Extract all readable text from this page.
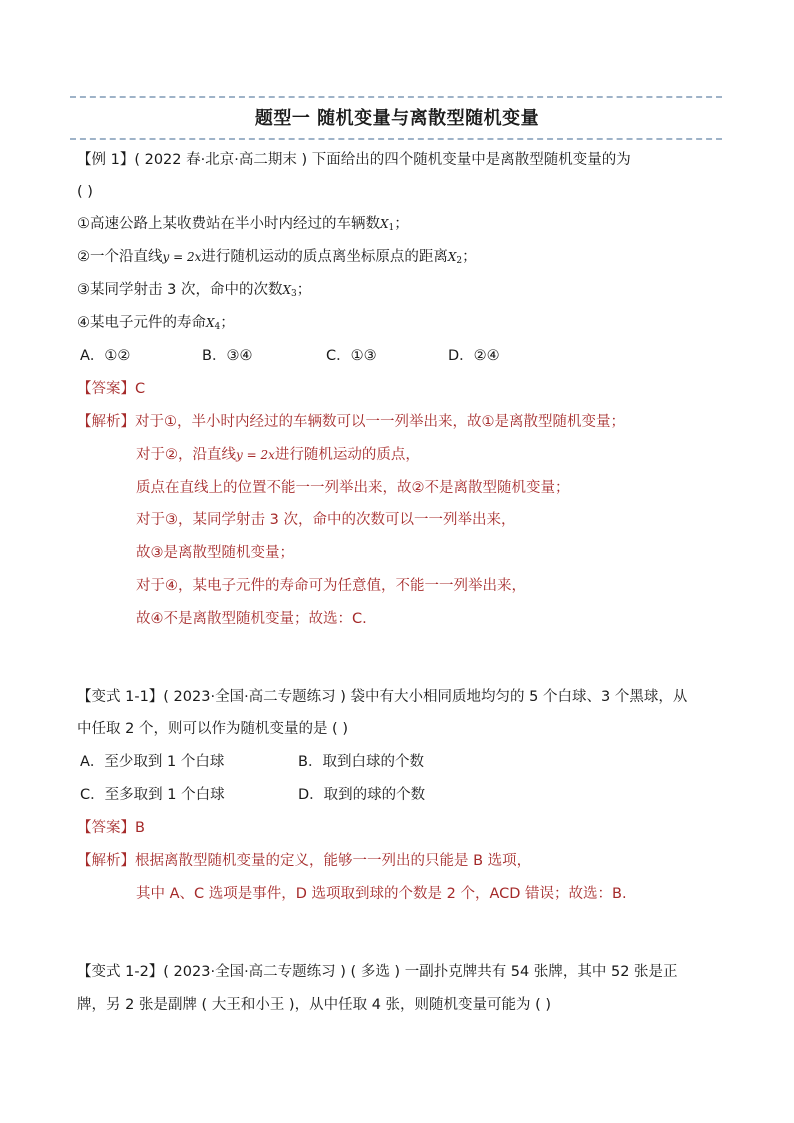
题型一 随机变量与离散型随机变量
【例 1】( 2022 春·北京·高二期末 ) 下面给出的四个随机变量中是离散型随机变量的为
( )
①高速公路上某收费站在半小时内经过的车辆数$X_1$；
②一个沿直线y = 2x进行随机运动的质点离坐标原点的距离$X_2$；
③某同学射击 3 次，命中的次数$X_3$；
④某电子元件的寿命$X_4$；
A．①②	B．③④	C．①③	D．②④
【答案】C
【解析】对于①，半小时内经过的车辆数可以一一列举出来，故①是离散型随机变量；
对于②，沿直线y = 2x进行随机运动的质点，
质点在直线上的位置不能一一列举出来，故②不是离散型随机变量；
对于③，某同学射击 3 次，命中的次数可以一一列举出来，
故③是离散型随机变量；
对于④，某电子元件的寿命可为任意值，不能一一列举出来，
故④不是离散型随机变量；故选：C.
【变式 1-1】( 2023·全国·高二专题练习 ) 袋中有大小相同质地均匀的 5 个白球、3 个黑球，从
中任取 2 个，则可以作为随机变量的是 ( )
A．至少取到 1 个白球	B．取到白球的个数
C．至多取到 1 个白球	D．取到的球的个数
【答案】B
【解析】根据离散型随机变量的定义，能够一一列出的只能是 B 选项，
其中 A、C 选项是事件，D 选项取到球的个数是 2 个，ACD 错误；故选：B.
【变式 1-2】( 2023·全国·高二专题练习 ) ( 多选 ) 一副扑克牌共有 54 张牌，其中 52 张是正
牌，另 2 张是副牌 ( 大王和小王 )，从中任取 4 张，则随机变量可能为 ( )
